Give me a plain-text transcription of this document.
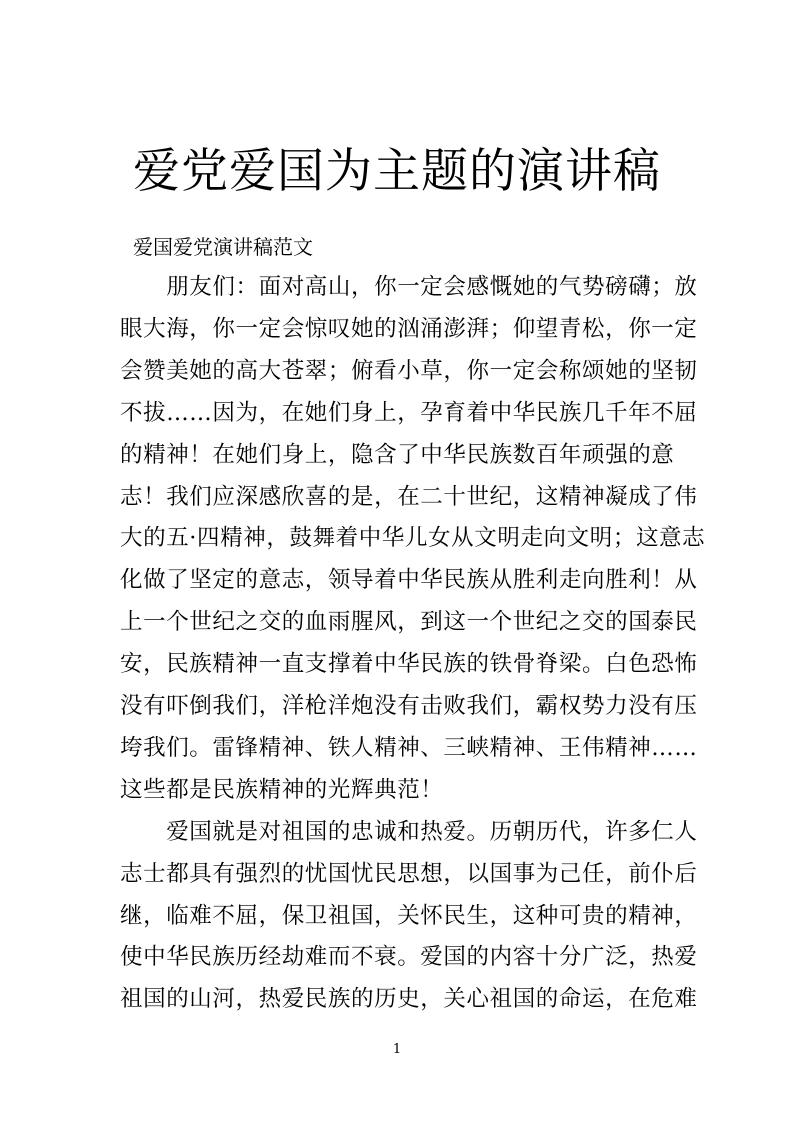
爱党爱国为主题的演讲稿
爱国爱党演讲稿范文
　　朋友们：面对高山，你一定会感慨她的气势磅礴；放
眼大海，你一定会惊叹她的汹涌澎湃；仰望青松，你一定
会赞美她的高大苍翠；俯看小草，你一定会称颂她的坚韧
不拔……因为，在她们身上，孕育着中华民族几千年不屈
的精神！在她们身上，隐含了中华民族数百年顽强的意
志！我们应深感欣喜的是，在二十世纪，这精神凝成了伟
大的五·四精神，鼓舞着中华儿女从文明走向文明；这意志
化做了坚定的意志，领导着中华民族从胜利走向胜利！从
上一个世纪之交的血雨腥风，到这一个世纪之交的国泰民
安，民族精神一直支撑着中华民族的铁骨脊梁。白色恐怖
没有吓倒我们，洋枪洋炮没有击败我们，霸权势力没有压
垮我们。雷锋精神、铁人精神、三峡精神、王伟精神……
这些都是民族精神的光辉典范！
　　爱国就是对祖国的忠诚和热爱。历朝历代，许多仁人
志士都具有强烈的忧国忧民思想，以国事为己任，前仆后
继，临难不屈，保卫祖国，关怀民生，这种可贵的精神，
使中华民族历经劫难而不衰。爱国的内容十分广泛，热爱
祖国的山河，热爱民族的历史，关心祖国的命运，在危难
1
